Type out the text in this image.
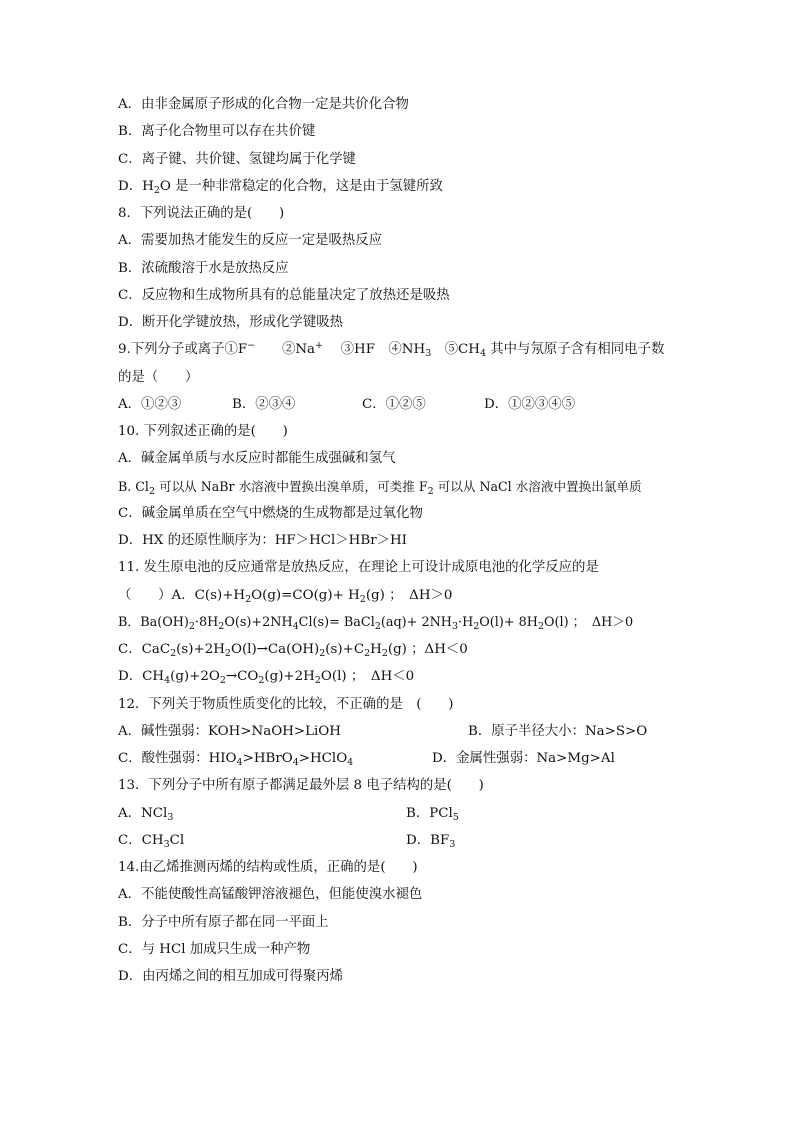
A．由非金属原子形成的化合物一定是共价化合物
B．离子化合物里可以存在共价键
C．离子键、共价键、氢键均属于化学键
D．$H_2O$ 是一种非常稳定的化合物，这是由于氢键所致
8．下列说法正确的是(　　)
A．需要加热才能发生的反应一定是吸热反应
B．浓硫酸溶于水是放热反应
C．反应物和生成物所具有的总能量决定了放热还是吸热
D．断开化学键放热，形成化学键吸热
9.下列分子或离子①F−　　②Na+　 ③HF　$④NH_3$　$⑤CH_4$ 其中与氖原子含有相同电子数
的是（　　）
A．①②③	B．②③④	C．①②⑤	D．①②③④⑤
10. 下列叙述正确的是(　　)
A．碱金属单质与水反应时都能生成强碱和氢气
B. $Cl_2$ 可以从 NaBr 水溶液中置换出溴单质，可类推 $F_2$ 可以从 NaCl 水溶液中置换出氯单质
C．碱金属单质在空气中燃烧的生成物都是过氧化物
D．HX 的还原性顺序为：HF＞HCl＞HBr＞HI
11. 发生原电池的反应通常是放热反应，在理论上可设计成原电池的化学反应的是
（　　）A．$C(s)+H_2O(g)=CO(g)+ H_2(g)$ ；　ΔH＞0
B．$Ba(OH)_2\cdot 8H_2O(s)+2NH_4Cl(s)=$ BaCl$_2$(aq)+ $2NH_3\cdot H_2O(l)+ 8H_2O(l)$ ；　ΔH＞0
C．$CaC_2(s)+2H_2O(l)\to Ca(OH)_2(s)+C_2H_2(g)$ ；ΔH＜0
D．$CH_4(g)+2O_2\to CO_2(g)+2H_2O(l)$ ；　ΔH＜0
12．下列关于物质性质变化的比较，不正确的是　(　　)
A．碱性强弱：KOH>NaOH>LiOH	B．原子半径大小：Na>S>O
C．酸性强弱：$HIO_4>HBrO_4>HClO_4$	D．金属性强弱：Na>Mg>Al
13．下列分子中所有原子都满足最外层 8 电子结构的是(　　)
A．NCl$_3$	B．PCl$_5$
C．$CH_3Cl$	D．$BF_3$
14.由乙烯推测丙烯的结构或性质，正确的是(　　)
A．不能使酸性高锰酸钾溶液褪色，但能使溴水褪色
B．分子中所有原子都在同一平面上
C．与 HCl 加成只生成一种产物
D．由丙烯之间的相互加成可得聚丙烯
